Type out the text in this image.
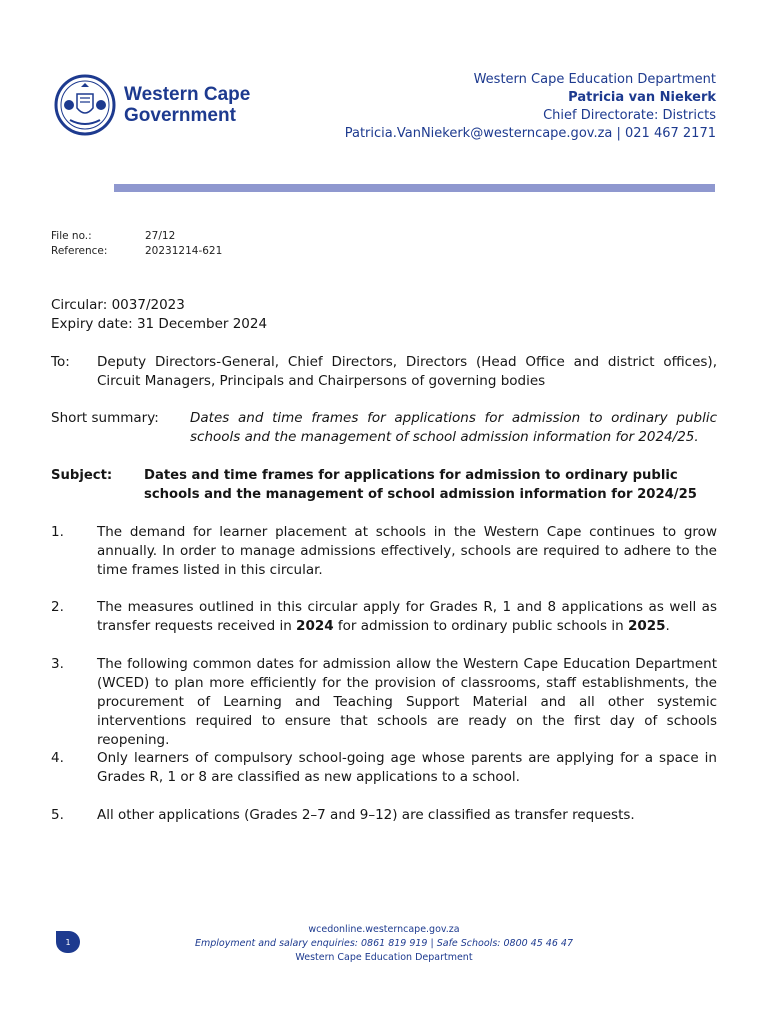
Western Cape
Government
Western Cape Education Department
Patricia van Niekerk
Chief Directorate: Districts
Patricia.VanNiekerk@westerncape.gov.za | 021 467 2171
File no.:	27/12
Reference:	20231214-621
Circular: 0037/2023
Expiry date: 31 December 2024
To:	Deputy Directors-General, Chief Directors, Directors (Head Office and district offices), Circuit Managers, Principals and Chairpersons of governing bodies
Short summary:	Dates and time frames for applications for admission to ordinary public schools and the management of school admission information for 2024/25.
Subject:	Dates and time frames for applications for admission to ordinary public schools and the management of school admission information for 2024/25
1.	The demand for learner placement at schools in the Western Cape continues to grow annually. In order to manage admissions effectively, schools are required to adhere to the time frames listed in this circular.
2.	The measures outlined in this circular apply for Grades R, 1 and 8 applications as well as transfer requests received in 2024 for admission to ordinary public schools in 2025.
3.	The following common dates for admission allow the Western Cape Education Department (WCED) to plan more efficiently for the provision of classrooms, staff establishments, the procurement of Learning and Teaching Support Material and all other systemic interventions required to ensure that schools are ready on the first day of schools reopening.
4.	Only learners of compulsory school-going age whose parents are applying for a space in Grades R, 1 or 8 are classified as new applications to a school.
5.	All other applications (Grades 2–7 and 9–12) are classified as transfer requests.
1
wcedonline.westerncape.gov.za
Employment and salary enquiries: 0861 819 919 | Safe Schools: 0800 45 46 47
Western Cape Education Department
